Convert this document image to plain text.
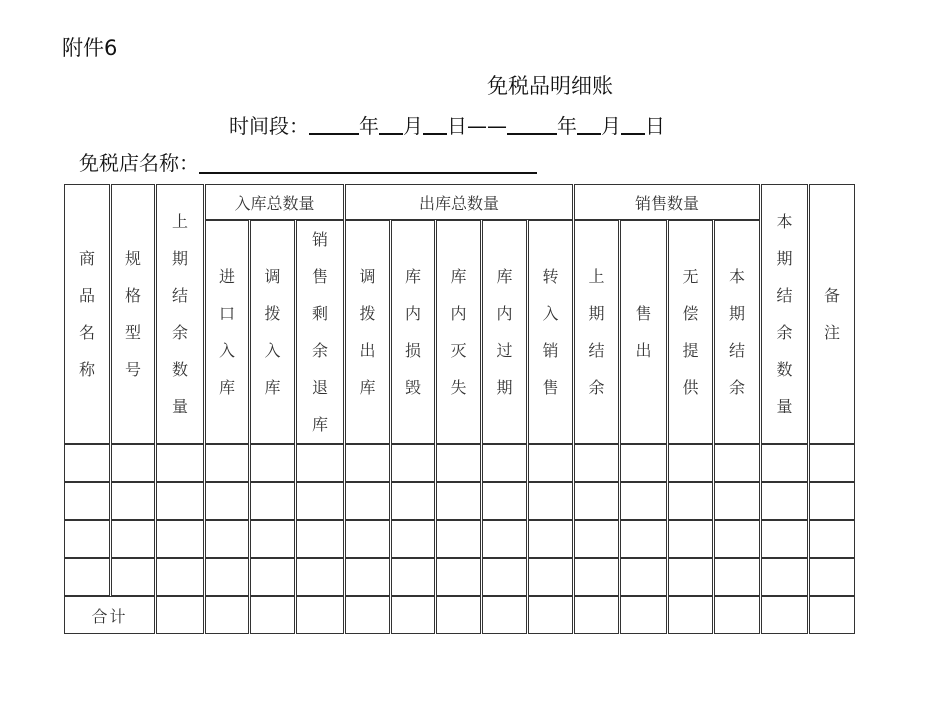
附件6
免税品明细账
时间段：	年 月 日——	年 月 日
免税店名称：
商品名称	规格型号	上期结余数量	入库总数量			出库总数量					销售数量				本期结余数量	备注
			进口入库	调拨入库	销售剩余退库	调拨出库	库内损毁	库内灭失	库内过期	转入销售	上期结余	售出	无偿提供	本期结余		

合计																
